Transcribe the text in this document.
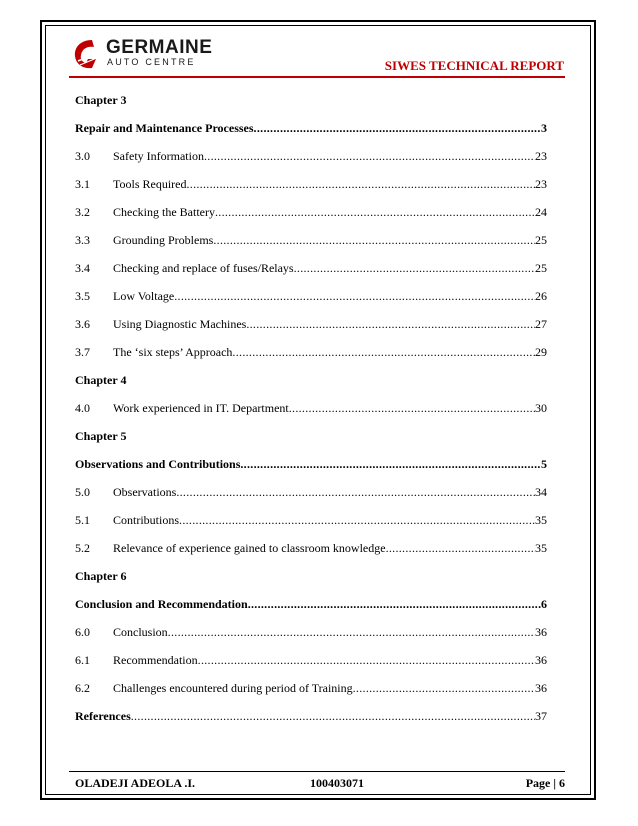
GERMAINE
AUTO CENTRE	SIWES TECHNICAL REPORT
Chapter 3
Repair and Maintenance Processes .....	3
3.0 Safety Information .....	23
3.1 Tools Required .....	23
3.2 Checking the Battery .....	24
3.3 Grounding Problems .....	25
3.4 Checking and replace of fuses/Relays .....	25
3.5 Low Voltage .....	26
3.6 Using Diagnostic Machines .....	27
3.7 The ‘six steps’ Approach .....	29
Chapter 4
4.0 Work experienced in IT. Department .....	30
Chapter 5
Observations and Contributions .....	5
5.0 Observations .....	34
5.1 Contributions .....	35
5.2 Relevance of experience gained to classroom knowledge .....	35
Chapter 6
Conclusion and Recommendation .....	6
6.0 Conclusion .....	36
6.1 Recommendation .....	36
6.2 Challenges encountered during period of Training .....	36
References .....	37
OLADEJI ADEOLA .I.	100403071	Page | 6
